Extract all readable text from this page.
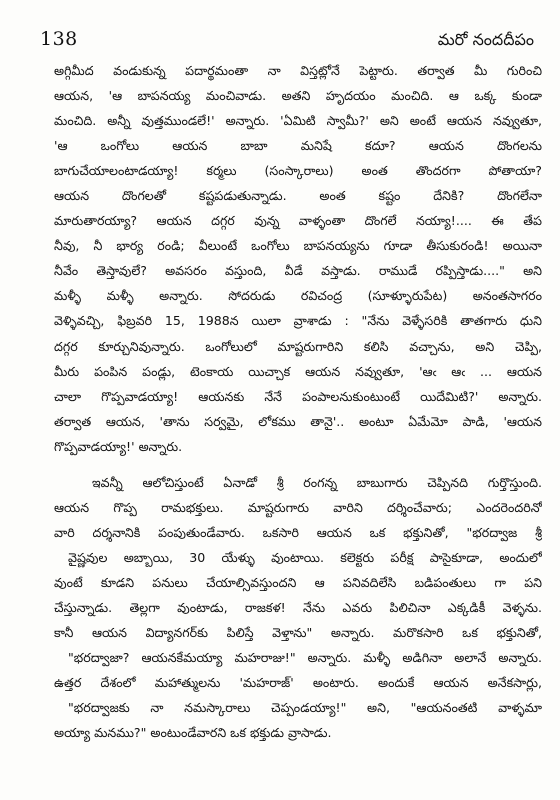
138	మరో నందదీపం
అగ్గిమీద వండుకున్న పదార్థమంతా నా విస్తట్లోనే పెట్టారు. తర్వాత మీ గురించి
ఆయన, 'ఆ బాపనయ్య మంచివాడు. అతని హృదయం మంచిది. ఆ ఒక్క కుండా
మంచిది. అన్నీ వుత్తముండలే!' అన్నారు. 'ఏమిటి స్వామీ?' అని అంటే ఆయన నవ్వుతూ,
'ఆ ఒంగోలు ఆయన బాబా మనిషే కదూ? ఆయన దొంగలను
బాగుచేయాలంటాడయ్యా! కర్మలు (సంస్కారాలు) అంత తొందరగా పోతాయా?
ఆయన దొంగలతో కష్టపడుతున్నాడు. అంత కష్టం దేనికి? దొంగలేనా
మారుతారయ్యా? ఆయన దగ్గర వున్న వాళ్ళంతా దొంగలే నయ్యా!.... ఈ తేప
నీవు, నీ భార్య రండి; వీలుంటే ఒంగోలు బాపనయ్యను గూడా తీసుకురండి! అయినా
నీవేం తెస్తావులే? అవసరం వస్తుంది, వీడే వస్తాడు. రాముడే రప్పిస్తాడు...." అని
మళ్ళీ మళ్ళీ అన్నారు. సోదరుడు రవిచంద్ర (సూళ్ళూరుపేట) అనంతసాగరం
వెళ్ళివచ్చి, ఫిబ్రవరి 15, 1988న యిలా వ్రాశాడు : "నేను వెళ్ళేసరికి తాతగారు ధుని
దగ్గర కూర్చునివున్నారు. ఒంగోలులో మాష్టరుగారిని కలిసి వచ్చాను, అని చెప్పి,
మీరు పంపిన పండ్లు, టెంకాయ యిచ్చాక ఆయన నవ్వుతూ, 'ఆఁ ఆఁ ... ఆయన
చాలా గొప్పవాడయ్యా! ఆయనకు నేనే పంపాలనుకుంటుంటే యిదేమిటి?' అన్నారు.
తర్వాత ఆయన, 'తాను సర్వమై, లోకము తానై'.. అంటూ ఏమేమో పాడి, 'ఆయన
గొప్పవాడయ్యా!' అన్నారు.
ఇవన్నీ ఆలోచిస్తుంటే ఏనాడో శ్రీ రంగన్న బాబుగారు చెప్పినది గుర్తొస్తుంది.
ఆయన గొప్ప రామభక్తులు. మాష్టరుగారు వారిని దర్శించేవారు; ఎందరెందరినో
వారి దర్శనానికి పంపుతుండేవారు. ఒకసారి ఆయన ఒక భక్తునితో, "భరద్వాజ శ్రీ
వైష్ణవుల అబ్బాయి, 30 యేళ్ళు వుంటాయి. కలెక్టరు పరీక్ష పాసైకూడా, అందులో
వుంటే కూడని పనులు చేయాల్సివస్తుందని ఆ పనివదిలేసి బడిపంతులు గా పని
చేస్తున్నాడు. తెల్లగా వుంటాడు, రాజకళ! నేను ఎవరు పిలిచినా ఎక్కడికీ వెళ్ళను.
కానీ ఆయన విద్యానగర్‌కు పిలిస్తే వెళ్తాను" అన్నారు. మరొకసారి ఒక భక్తునితో,
"భరద్వాజా? ఆయనకేమయ్యా మహరాజు!" అన్నారు. మళ్ళీ అడిగినా అలానే అన్నారు.
ఉత్తర దేశంలో మహాత్ములను 'మహరాజ్' అంటారు. అందుకే ఆయన అనేకసార్లు,
"భరద్వాజకు నా నమస్కారాలు చెప్పండయ్యా!" అని, "ఆయనంతటి వాళ్ళమా
అయ్యా మనము?" అంటుండేవారని ఒక భక్తుడు వ్రాసాడు.
